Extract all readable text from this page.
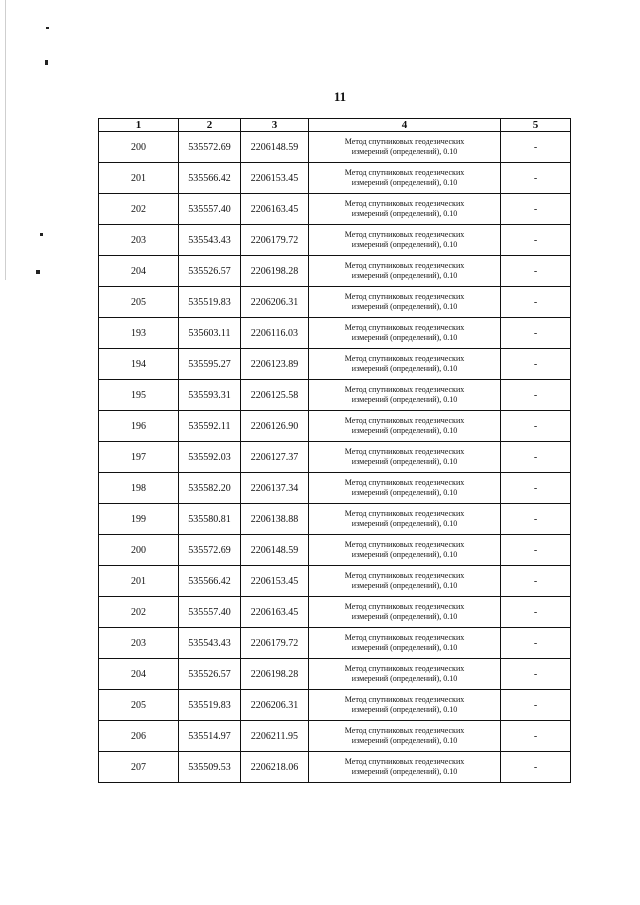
11
1	2	3	4	5
200	535572.69	2206148.59	Метод спутниковых геодезических
измерений (определений), 0.10	-
201	535566.42	2206153.45	Метод спутниковых геодезических
измерений (определений), 0.10	-
202	535557.40	2206163.45	Метод спутниковых геодезических
измерений (определений), 0.10	-
203	535543.43	2206179.72	Метод спутниковых геодезических
измерений (определений), 0.10	-
204	535526.57	2206198.28	Метод спутниковых геодезических
измерений (определений), 0.10	-
205	535519.83	2206206.31	Метод спутниковых геодезических
измерений (определений), 0.10	-
193	535603.11	2206116.03	Метод спутниковых геодезических
измерений (определений), 0.10	-
194	535595.27	2206123.89	Метод спутниковых геодезических
измерений (определений), 0.10	-
195	535593.31	2206125.58	Метод спутниковых геодезических
измерений (определений), 0.10	-
196	535592.11	2206126.90	Метод спутниковых геодезических
измерений (определений), 0.10	-
197	535592.03	2206127.37	Метод спутниковых геодезических
измерений (определений), 0.10	-
198	535582.20	2206137.34	Метод спутниковых геодезических
измерений (определений), 0.10	-
199	535580.81	2206138.88	Метод спутниковых геодезических
измерений (определений), 0.10	-
200	535572.69	2206148.59	Метод спутниковых геодезических
измерений (определений), 0.10	-
201	535566.42	2206153.45	Метод спутниковых геодезических
измерений (определений), 0.10	-
202	535557.40	2206163.45	Метод спутниковых геодезических
измерений (определений), 0.10	-
203	535543.43	2206179.72	Метод спутниковых геодезических
измерений (определений), 0.10	-
204	535526.57	2206198.28	Метод спутниковых геодезических
измерений (определений), 0.10	-
205	535519.83	2206206.31	Метод спутниковых геодезических
измерений (определений), 0.10	-
206	535514.97	2206211.95	Метод спутниковых геодезических
измерений (определений), 0.10	-
207	535509.53	2206218.06	Метод спутниковых геодезических
измерений (определений), 0.10	-
